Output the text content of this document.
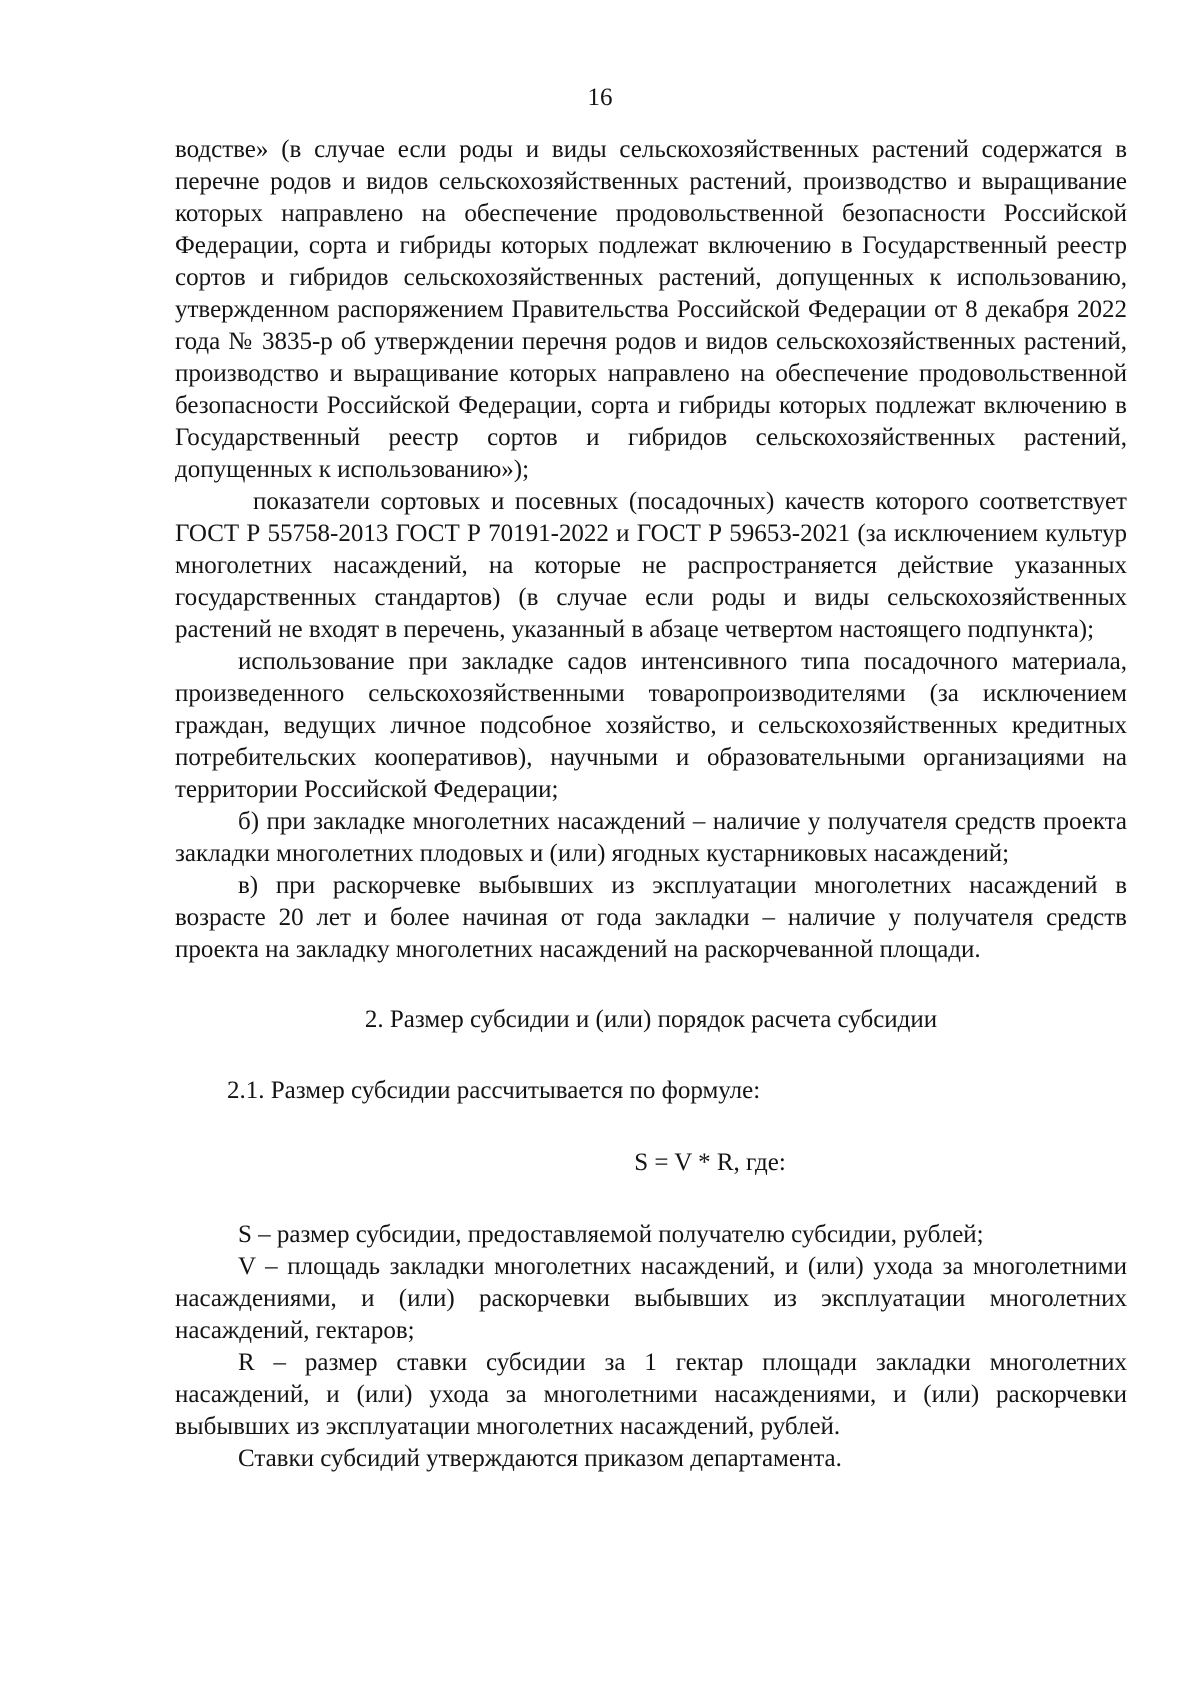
16

водстве» (в случае если роды и виды сельскохозяйственных растений содержатся в перечне родов и видов сельскохозяйственных растений, производство и выращивание которых направлено на обеспечение продовольственной безопасности Российской Федерации, сорта и гибриды которых подлежат включению в Государственный реестр сортов и гибридов сельскохозяйственных растений, допущенных к использованию, утвержденном распоряжением Правительства Российской Федерации от 8 декабря 2022 года № 3835-р об утверждении перечня родов и видов сельскохозяйственных растений, производство и выращивание которых направлено на обеспечение продовольственной безопасности Российской Федерации, сорта и гибриды которых подлежат включению в Государственный реестр сортов и гибридов сельскохозяйственных растений, допущенных к использованию»);

показатели сортовых и посевных (посадочных) качеств которого соответствует ГОСТ Р 55758-2013 ГОСТ Р 70191-2022 и ГОСТ Р 59653-2021 (за исключением культур многолетних насаждений, на которые не распространяется действие указанных государственных стандартов) (в случае если роды и виды сельскохозяйственных растений не входят в перечень, указанный в абзаце четвертом настоящего подпункта);

использование при закладке садов интенсивного типа посадочного материала, произведенного сельскохозяйственными товаропроизводителями (за исключением граждан, ведущих личное подсобное хозяйство, и сельскохозяйственных кредитных потребительских кооперативов), научными и образовательными организациями на территории Российской Федерации;

б) при закладке многолетних насаждений – наличие у получателя средств проекта закладки многолетних плодовых и (или) ягодных кустарниковых насаждений;

в) при раскорчевке выбывших из эксплуатации многолетних насаждений в возрасте 20 лет и более начиная от года закладки – наличие у получателя средств проекта на закладку многолетних насаждений на раскорчеванной площади.

2. Размер субсидии и (или) порядок расчета субсидии

2.1. Размер субсидии рассчитывается по формуле:

S = V * R, где:

S – размер субсидии, предоставляемой получателю субсидии, рублей;

V – площадь закладки многолетних насаждений, и (или) ухода за многолетними насаждениями, и (или) раскорчевки выбывших из эксплуатации многолетних насаждений, гектаров;

R – размер ставки субсидии за 1 гектар площади закладки многолетних насаждений, и (или) ухода за многолетними насаждениями, и (или) раскорчевки выбывших из эксплуатации многолетних насаждений, рублей.

Ставки субсидий утверждаются приказом департамента.
